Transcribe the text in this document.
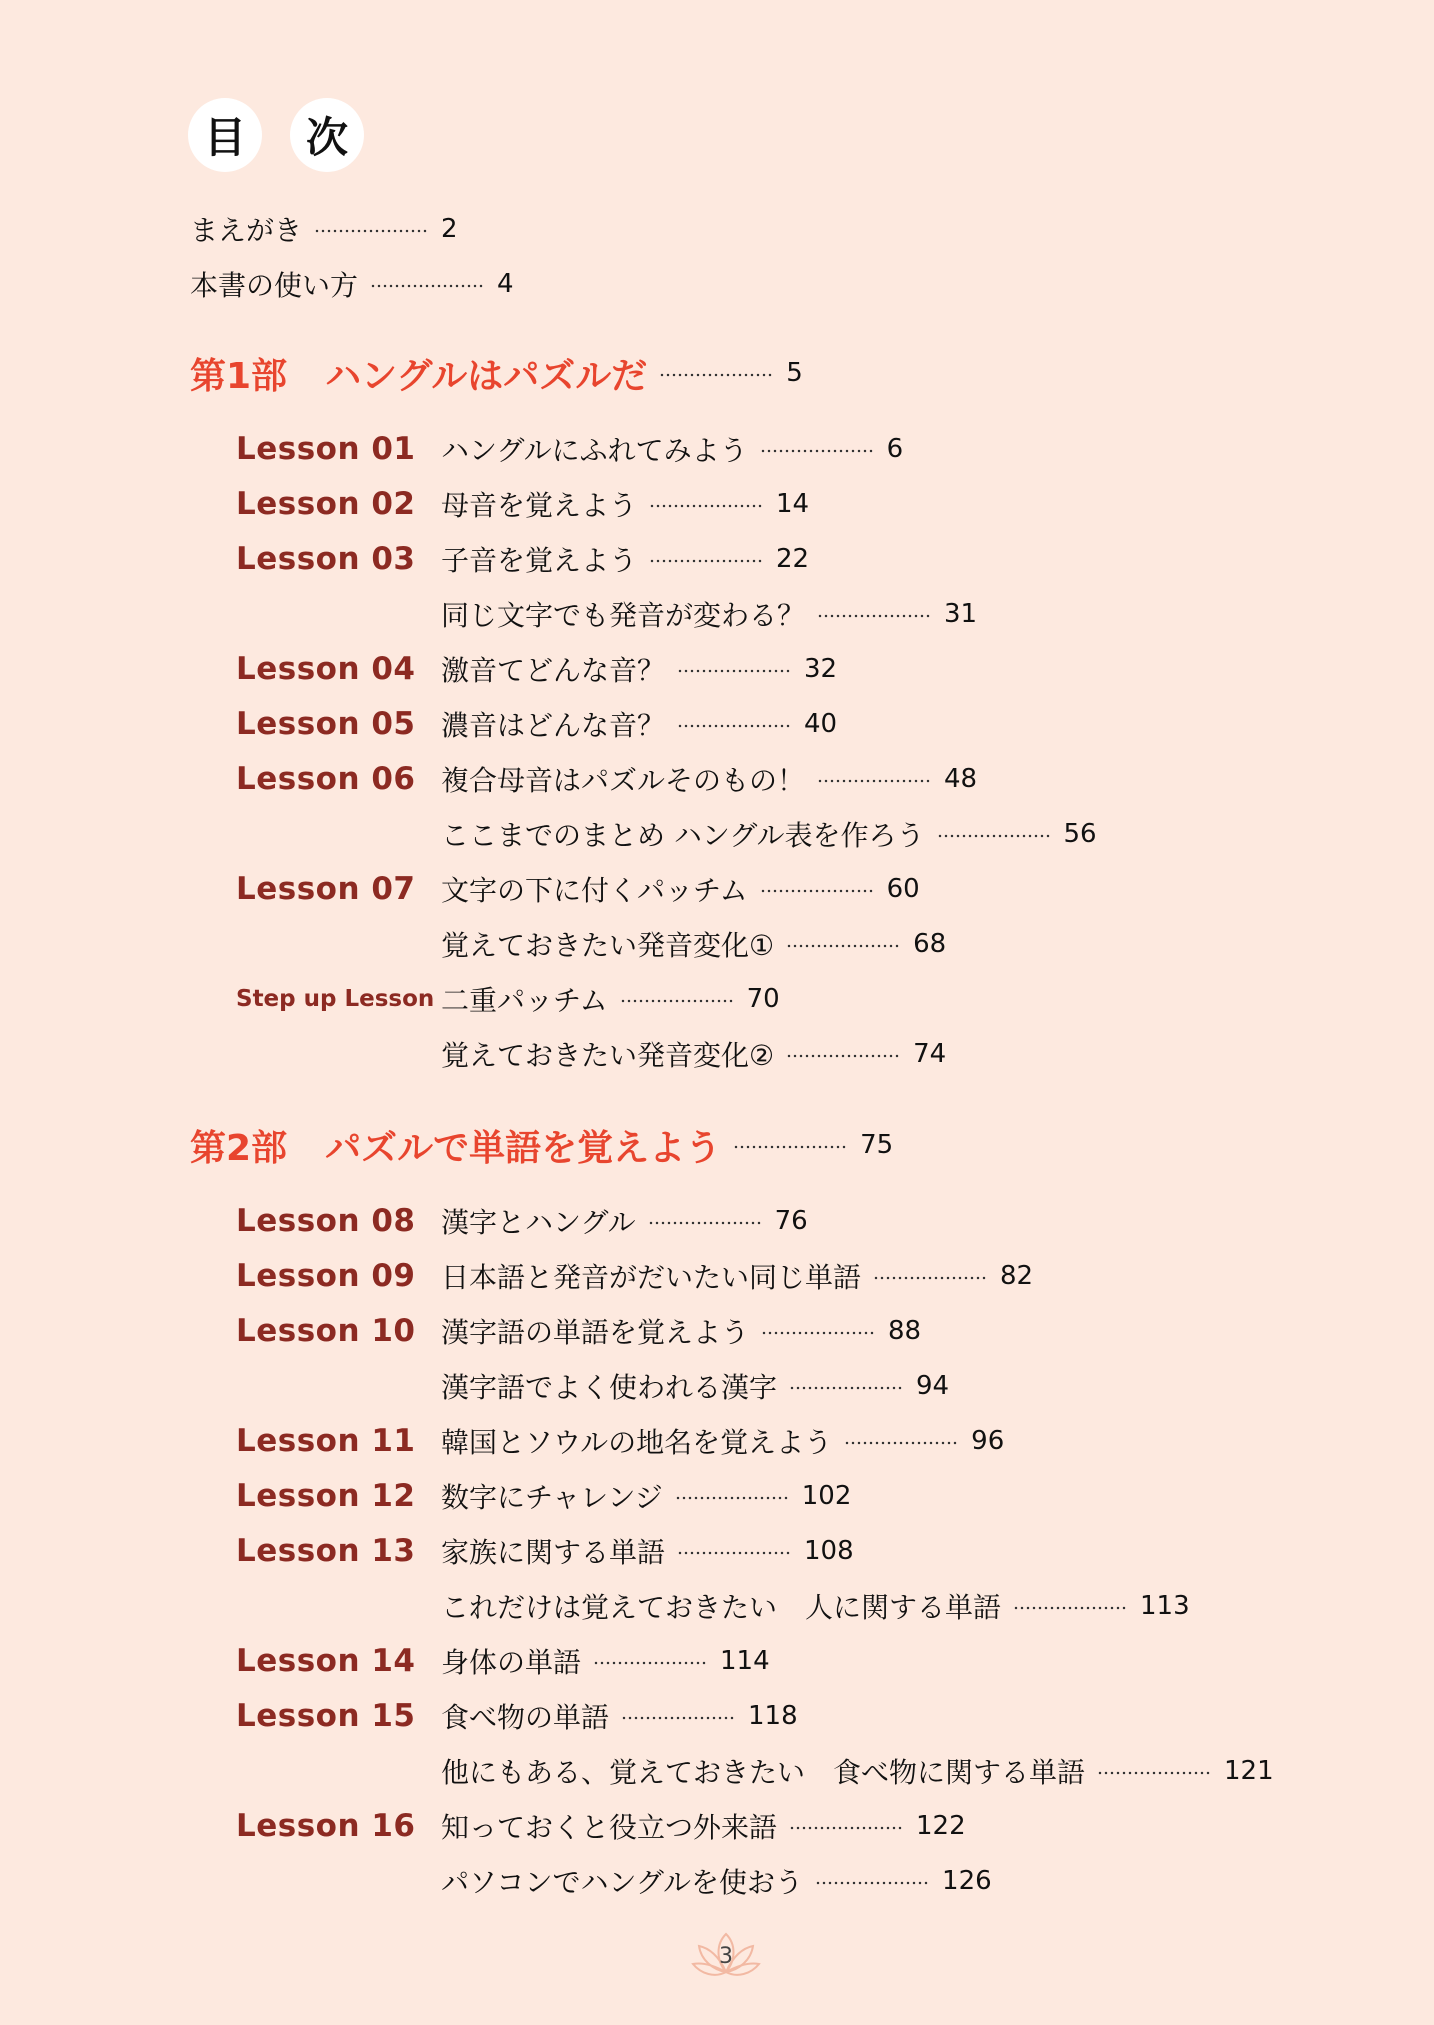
目	次
まえがき	2
本書の使い方	4
第1部 ハングルはパズルだ	5
Lesson 01 ハングルにふれてみよう	6
Lesson 02 母音を覚えよう	14
Lesson 03 子音を覚えよう	22
同じ文字でも発音が変わる？	31
Lesson 04 激音てどんな音？	32
Lesson 05 濃音はどんな音？	40
Lesson 06 複合母音はパズルそのもの！	48
ここまでのまとめ ハングル表を作ろう	56
Lesson 07 文字の下に付くパッチム	60
覚えておきたい発音変化①	68
Step up Lesson 二重パッチム	70
覚えておきたい発音変化②	74
第2部 パズルで単語を覚えよう	75
Lesson 08 漢字とハングル	76
Lesson 09 日本語と発音がだいたい同じ単語	82
Lesson 10 漢字語の単語を覚えよう	88
漢字語でよく使われる漢字	94
Lesson 11 韓国とソウルの地名を覚えよう	96
Lesson 12 数字にチャレンジ	102
Lesson 13 家族に関する単語	108
これだけは覚えておきたい　人に関する単語	113
Lesson 14 身体の単語	114
Lesson 15 食べ物の単語	118
他にもある、覚えておきたい　食べ物に関する単語	121
Lesson 16 知っておくと役立つ外来語	122
パソコンでハングルを使おう	126
3
